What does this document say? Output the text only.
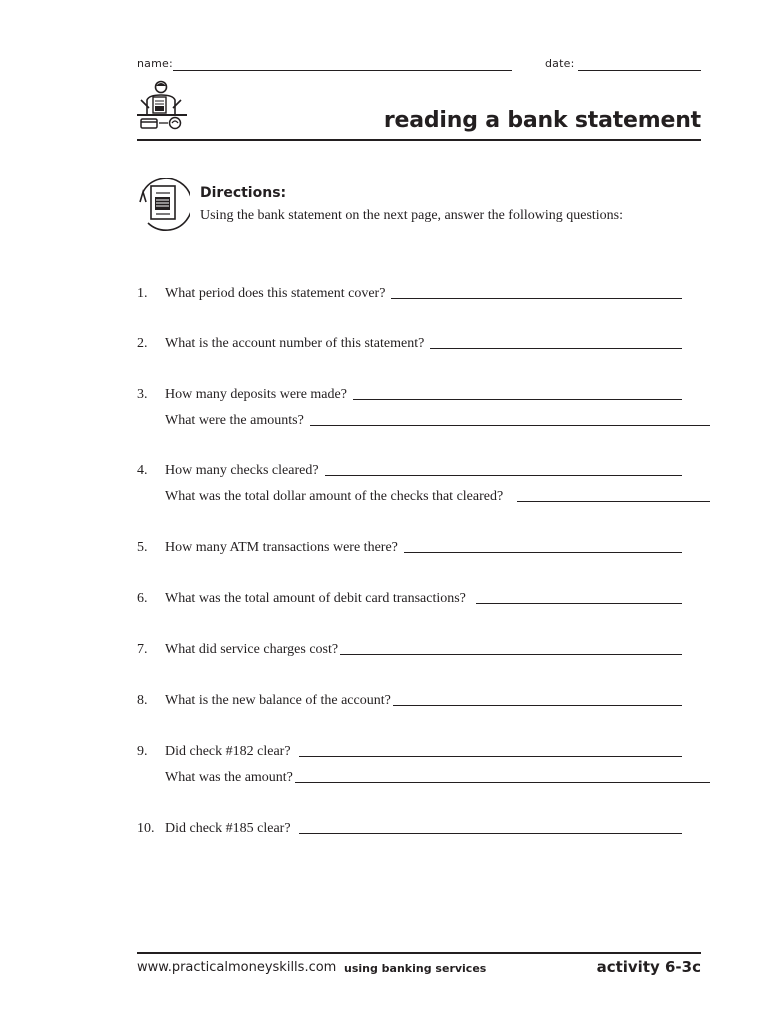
name:	date:
reading a bank statement
Directions:
Using the bank statement on the next page, answer the following questions:
1.	What period does this statement cover?
2.	What is the account number of this statement?
3.	How many deposits were made?
What were the amounts?
4.	How many checks cleared?
What was the total dollar amount of the checks that cleared?
5.	How many ATM transactions were there?
6.	What was the total amount of debit card transactions?
7.	What did service charges cost?
8.	What is the new balance of the account?
9.	Did check #182 clear?
What was the amount?
10. Did check #185 clear?
www.practicalmoneyskills.com using banking services	activity 6-3c
